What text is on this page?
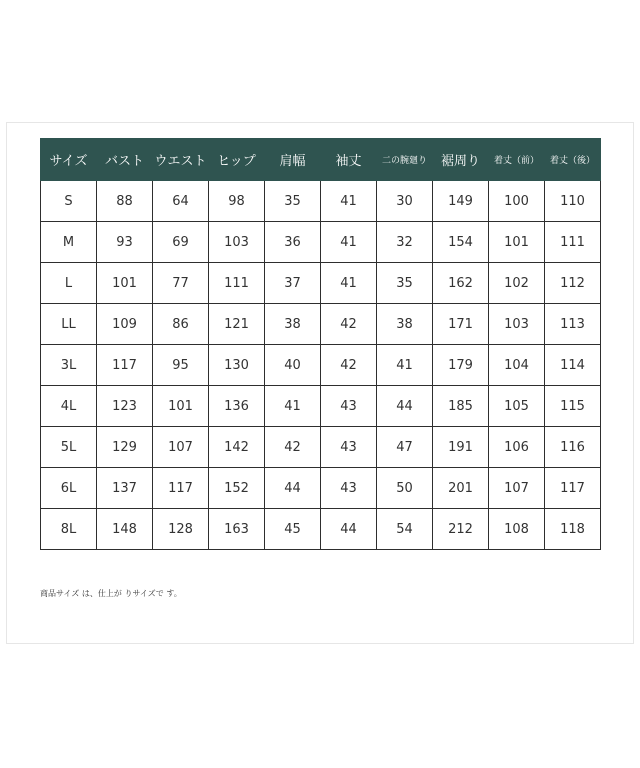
サイズ	バスト	ウエスト	ヒップ	肩幅	袖丈	二の腕廻り	裾周り	着丈（前）	着丈（後）
S	88	64	98	35	41	30	149	100	110
M	93	69	103	36	41	32	154	101	111
L	101	77	111	37	41	35	162	102	112
LL	109	86	121	38	42	38	171	103	113
3L	117	95	130	40	42	41	179	104	114
4L	123	101	136	41	43	44	185	105	115
5L	129	107	142	42	43	47	191	106	116
6L	137	117	152	44	43	50	201	107	117
8L	148	128	163	45	44	54	212	108	118
商品サイズ は、仕上が りサイズで す。
